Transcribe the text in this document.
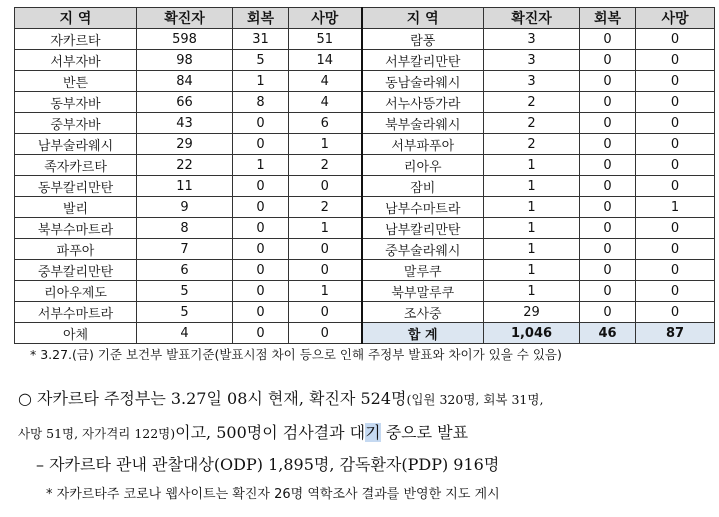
지 역	확진자	회복	사망	지 역	확진자	회복	사망
자카르타	598	31	51	람풍	3	0	0
서부자바	98	5	14	서부칼리만탄	3	0	0
반튼	84	1	4	동남술라웨시	3	0	0
동부자바	66	8	4	서누사뜽가라	2	0	0
중부자바	43	0	6	북부술라웨시	2	0	0
남부술라웨시	29	0	1	서부파푸아	2	0	0
족자카르타	22	1	2	리아우	1	0	0
동부칼리만탄	11	0	0	잠비	1	0	0
발리	9	0	2	남부수마트라	1	0	1
북부수마트라	8	0	1	남부칼리만탄	1	0	0
파푸아	7	0	0	중부술라웨시	1	0	0
중부칼리만탄	6	0	0	말루쿠	1	0	0
리아우제도	5	0	1	북부말루쿠	1	0	0
서부수마트라	5	0	0	조사중	29	0	0
아체	4	0	0	합 계	1,046	46	87
* 3.27.(금) 기준 보건부 발표기준(발표시점 차이 등으로 인해 주정부 발표와 차이가 있을 수 있음)
○ 자카르타 주정부는 3.27일 08시 현재, 확진자 524명(입원 320명, 회복 31명,
사망 51명, 자가격리 122명)이고, 500명이 검사결과 대기 중으로 발표
– 자카르타 관내 관찰대상(ODP) 1,895명, 감독환자(PDP) 916명
* 자카르타주 코로나 웹사이트는 확진자 26명 역학조사 결과를 반영한 지도 게시
